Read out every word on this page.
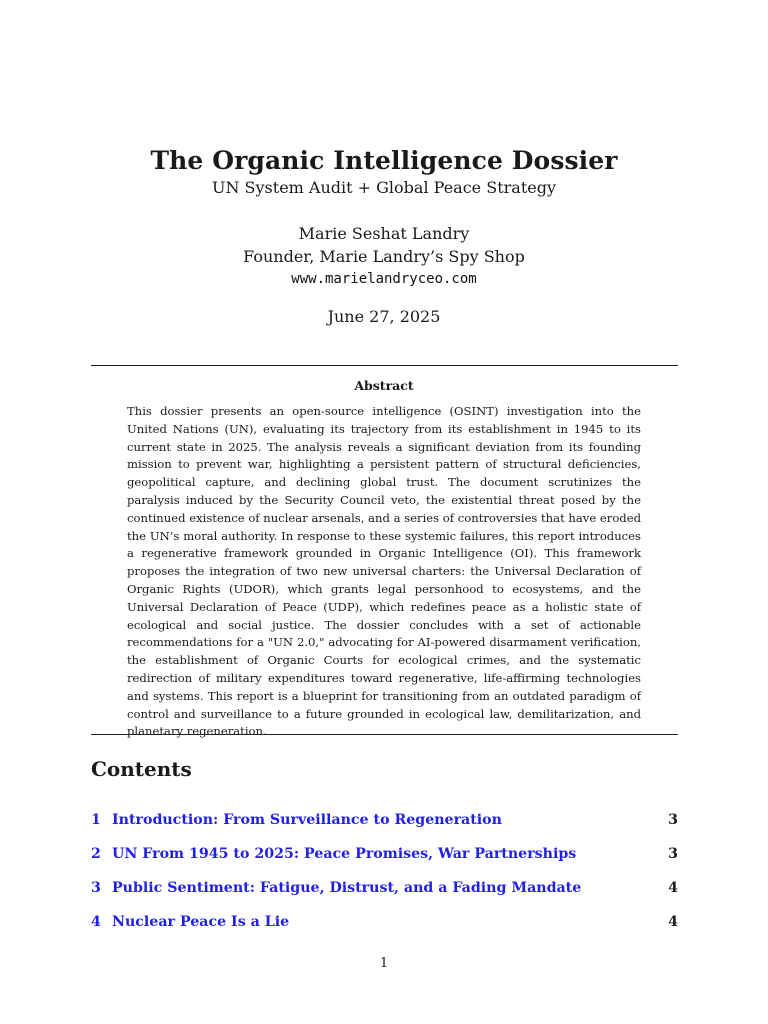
The Organic Intelligence Dossier
UN System Audit + Global Peace Strategy
Marie Seshat Landry
Founder, Marie Landry’s Spy Shop
www.marielandryceo.com
June 27, 2025
Abstract
This dossier presents an open-source intelligence (OSINT) investigation into the United Nations (UN), evaluating its trajectory from its establishment in 1945 to its current state in 2025. The analysis reveals a significant deviation from its founding mission to prevent war, highlighting a persistent pattern of structural deficiencies, geopolitical capture, and declining global trust. The document scrutinizes the paralysis induced by the Security Council veto, the existential threat posed by the continued existence of nuclear arsenals, and a series of controversies that have eroded the UN’s moral authority. In response to these systemic failures, this report introduces a regenerative framework grounded in Organic Intelligence (OI). This framework proposes the integration of two new universal charters: the Universal Declaration of Organic Rights (UDOR), which grants legal personhood to ecosystems, and the Universal Declaration of Peace (UDP), which redefines peace as a holistic state of ecological and social justice. The dossier concludes with a set of actionable recommendations for a "UN 2.0," advocating for AI-powered disarmament verification, the establishment of Organic Courts for ecological crimes, and the systematic redirection of military expenditures toward regenerative, life-affirming technologies and systems. This report is a blueprint for transitioning from an outdated paradigm of control and surveillance to a future grounded in ecological law, demilitarization, and planetary regeneration.
Contents
1 Introduction: From Surveillance to Regeneration	3
2 UN From 1945 to 2025: Peace Promises, War Partnerships	3
3 Public Sentiment: Fatigue, Distrust, and a Fading Mandate	4
4 Nuclear Peace Is a Lie	4
1
